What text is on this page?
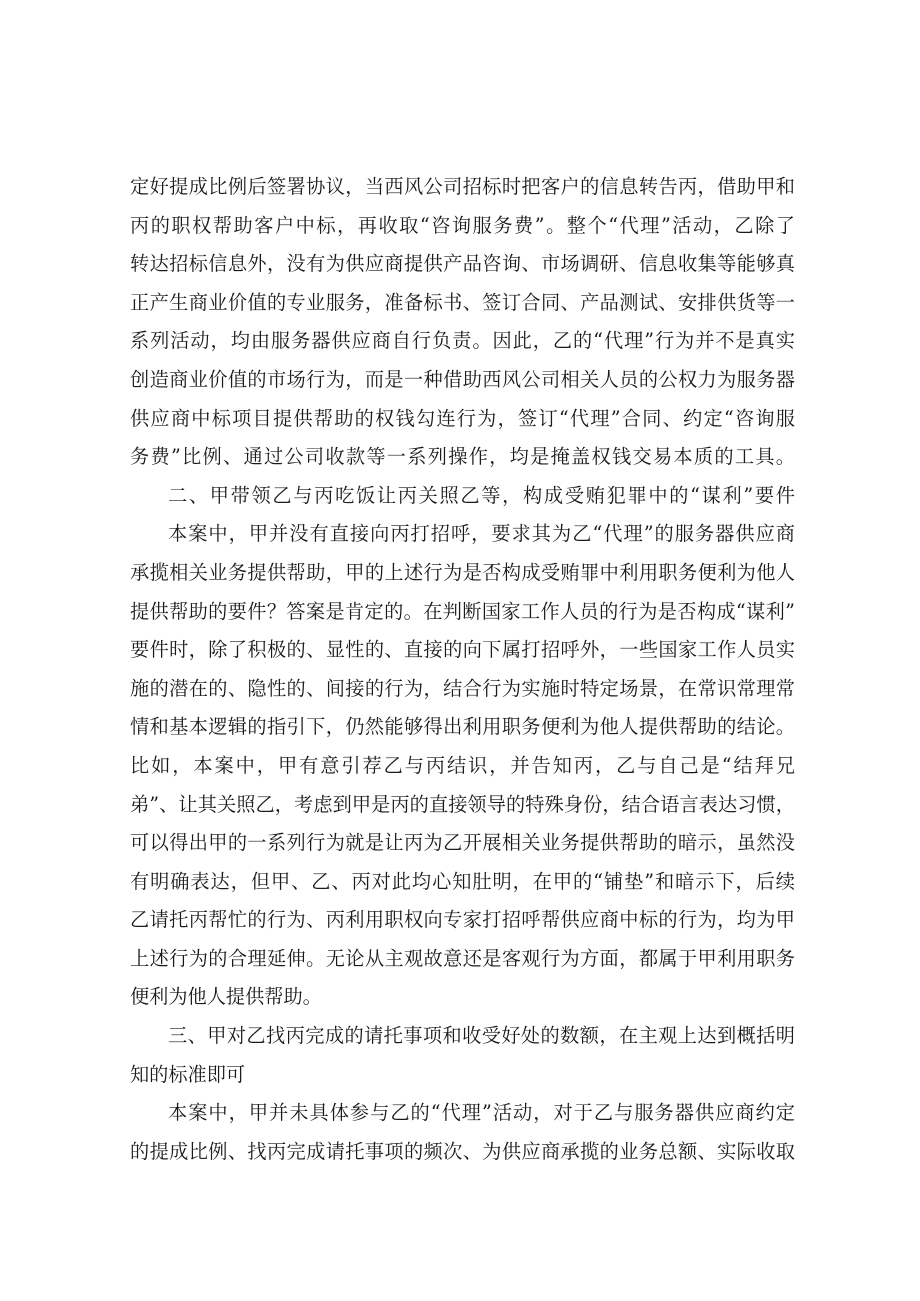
定好提成比例后签署协议，当西风公司招标时把客户的信息转告丙，借助甲和
丙的职权帮助客户中标，再收取“咨询服务费”。整个“代理”活动，乙除了
转达招标信息外，没有为供应商提供产品咨询、市场调研、信息收集等能够真
正产生商业价值的专业服务，准备标书、签订合同、产品测试、安排供货等一
系列活动，均由服务器供应商自行负责。因此，乙的“代理”行为并不是真实
创造商业价值的市场行为，而是一种借助西风公司相关人员的公权力为服务器
供应商中标项目提供帮助的权钱勾连行为，签订“代理”合同、约定“咨询服
务费”比例、通过公司收款等一系列操作，均是掩盖权钱交易本质的工具。
二、甲带领乙与丙吃饭让丙关照乙等，构成受贿犯罪中的“谋利”要件
本案中，甲并没有直接向丙打招呼，要求其为乙“代理”的服务器供应商
承揽相关业务提供帮助，甲的上述行为是否构成受贿罪中利用职务便利为他人
提供帮助的要件？答案是肯定的。在判断国家工作人员的行为是否构成“谋利”
要件时，除了积极的、显性的、直接的向下属打招呼外，一些国家工作人员实
施的潜在的、隐性的、间接的行为，结合行为实施时特定场景，在常识常理常
情和基本逻辑的指引下，仍然能够得出利用职务便利为他人提供帮助的结论。
比如，本案中，甲有意引荐乙与丙结识，并告知丙，乙与自己是“结拜兄
弟”、让其关照乙，考虑到甲是丙的直接领导的特殊身份，结合语言表达习惯，
可以得出甲的一系列行为就是让丙为乙开展相关业务提供帮助的暗示，虽然没
有明确表达，但甲、乙、丙对此均心知肚明，在甲的“铺垫”和暗示下，后续
乙请托丙帮忙的行为、丙利用职权向专家打招呼帮供应商中标的行为，均为甲
上述行为的合理延伸。无论从主观故意还是客观行为方面，都属于甲利用职务
便利为他人提供帮助。
三、甲对乙找丙完成的请托事项和收受好处的数额，在主观上达到概括明
知的标准即可
本案中，甲并未具体参与乙的“代理”活动，对于乙与服务器供应商约定
的提成比例、找丙完成请托事项的频次、为供应商承揽的业务总额、实际收取
